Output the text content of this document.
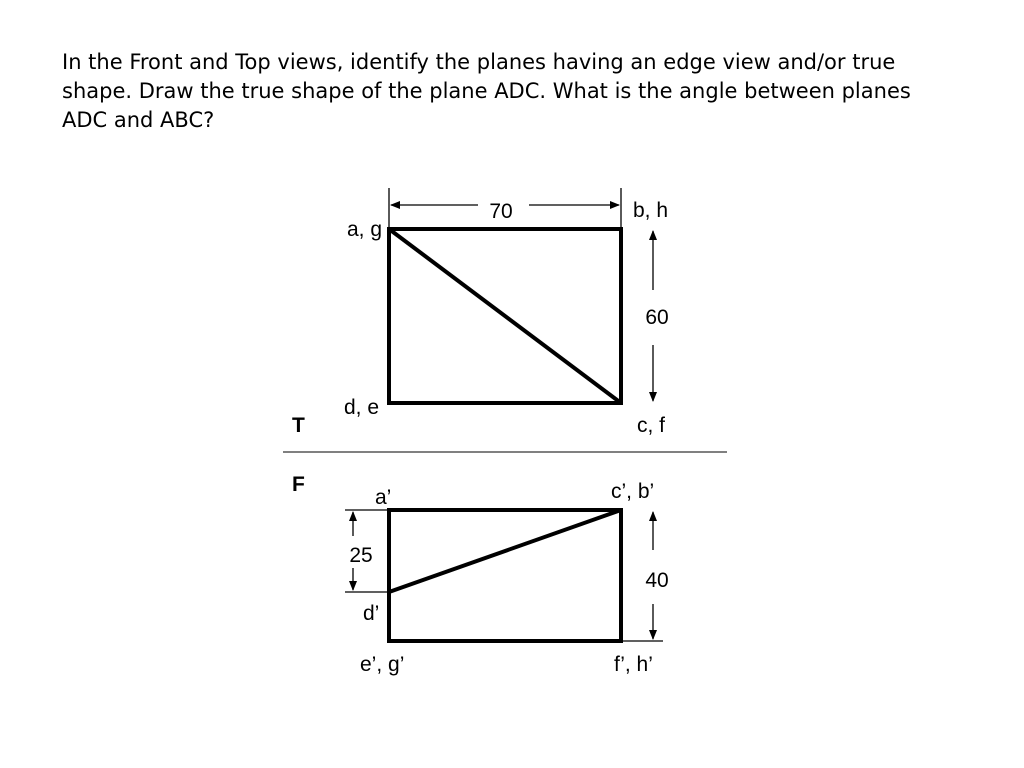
In the Front and Top views, identify the planes having an edge view and/or true
shape. Draw the true shape of the plane ADC. What is the angle between planes
ADC and ABC?
70
60
a, g
b, h
d, e
c, f
T
F
25
40
a’	c’, b’
d’
e’, g’	f’, h’
